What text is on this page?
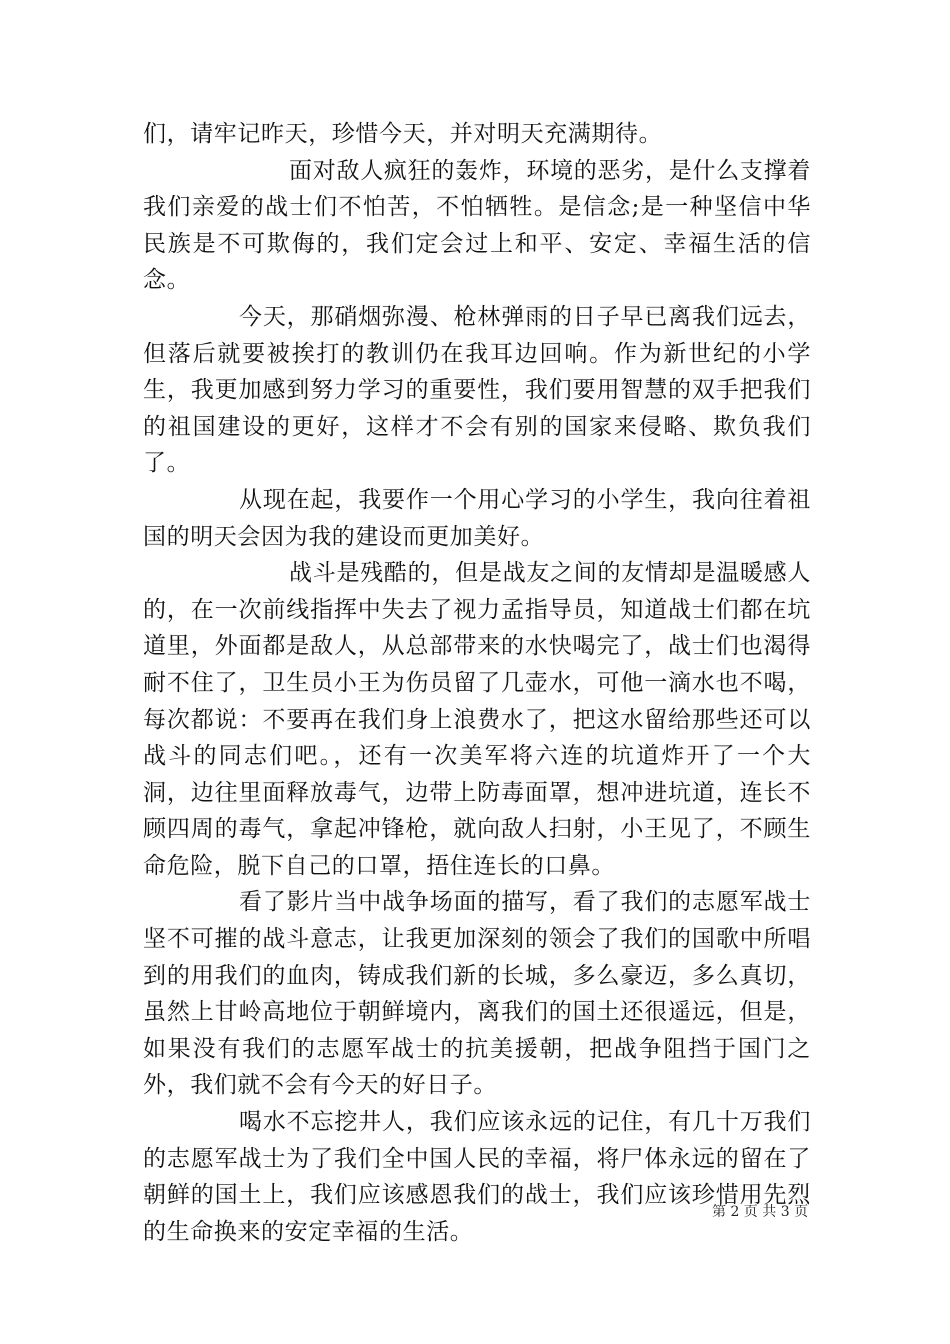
们，请牢记昨天，珍惜今天，并对明天充满期待。

面对敌人疯狂的轰炸，环境的恶劣，是什么支撑着我们亲爱的战士们不怕苦，不怕牺牲。是信念;是一种坚信中华民族是不可欺侮的，我们定会过上和平、安定、幸福生活的信念。

今天，那硝烟弥漫、枪林弹雨的日子早已离我们远去，但落后就要被挨打的教训仍在我耳边回响。作为新世纪的小学生，我更加感到努力学习的重要性，我们要用智慧的双手把我们的祖国建设的更好，这样才不会有别的国家来侵略、欺负我们了。

从现在起，我要作一个用心学习的小学生，我向往着祖国的明天会因为我的建设而更加美好。

战斗是残酷的，但是战友之间的友情却是温暖感人的，在一次前线指挥中失去了视力孟指导员，知道战士们都在坑道里，外面都是敌人，从总部带来的水快喝完了，战士们也渴得耐不住了，卫生员小王为伤员留了几壶水，可他一滴水也不喝，每次都说：不要再在我们身上浪费水了，把这水留给那些还可以战斗的同志们吧。，还有一次美军将六连的坑道炸开了一个大洞，边往里面释放毒气，边带上防毒面罩，想冲进坑道，连长不顾四周的毒气，拿起冲锋枪，就向敌人扫射，小王见了，不顾生命危险，脱下自己的口罩，捂住连长的口鼻。

看了影片当中战争场面的描写，看了我们的志愿军战士坚不可摧的战斗意志，让我更加深刻的领会了我们的国歌中所唱到的用我们的血肉，铸成我们新的长城，多么豪迈，多么真切，虽然上甘岭高地位于朝鲜境内，离我们的国土还很遥远，但是，如果没有我们的志愿军战士的抗美援朝，把战争阻挡于国门之外，我们就不会有今天的好日子。

喝水不忘挖井人，我们应该永远的记住，有几十万我们的志愿军战士为了我们全中国人民的幸福，将尸体永远的留在了朝鲜的国土上，我们应该感恩我们的战士，我们应该珍惜用先烈的生命换来的安定幸福的生活。

第 2 页 共 3 页
